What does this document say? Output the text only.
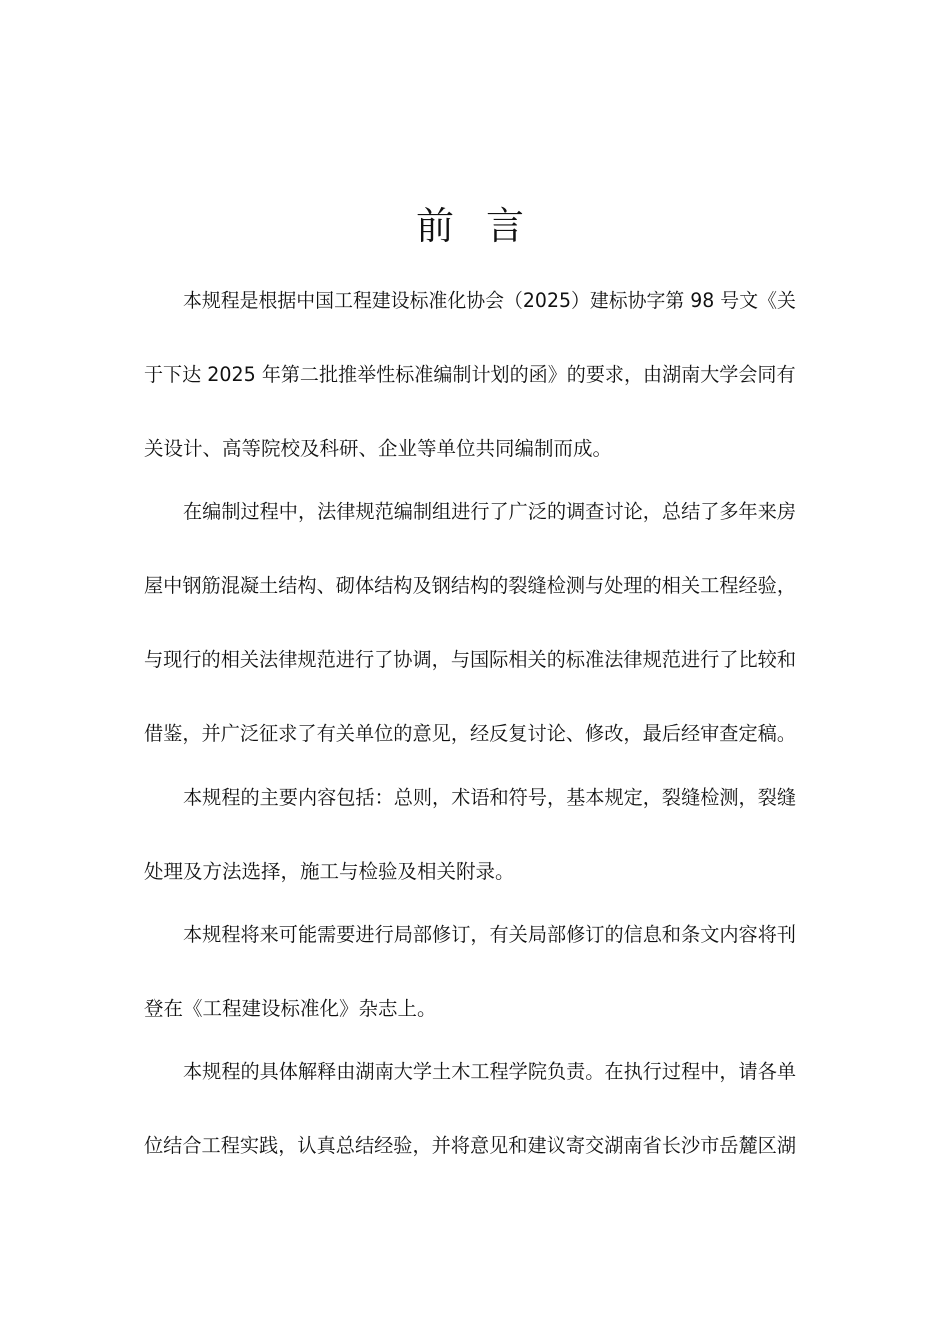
前 言
本规程是根据中国工程建设标准化协会（2025）建标协字第 98 号文《关
于下达 2025 年第二批推举性标准编制计划的函》的要求，由湖南大学会同有
关设计、高等院校及科研、企业等单位共同编制而成。
在编制过程中，法律规范编制组进行了广泛的调查讨论，总结了多年来房
屋中钢筋混凝土结构、砌体结构及钢结构的裂缝检测与处理的相关工程经验，
与现行的相关法律规范进行了协调，与国际相关的标准法律规范进行了比较和
借鉴，并广泛征求了有关单位的意见，经反复讨论、修改，最后经审查定稿。
本规程的主要内容包括：总则，术语和符号，基本规定，裂缝检测，裂缝
处理及方法选择，施工与检验及相关附录。
本规程将来可能需要进行局部修订，有关局部修订的信息和条文内容将刊
登在《工程建设标准化》杂志上。
本规程的具体解释由湖南大学土木工程学院负责。在执行过程中，请各单
位结合工程实践，认真总结经验，并将意见和建议寄交湖南省长沙市岳麓区湖
